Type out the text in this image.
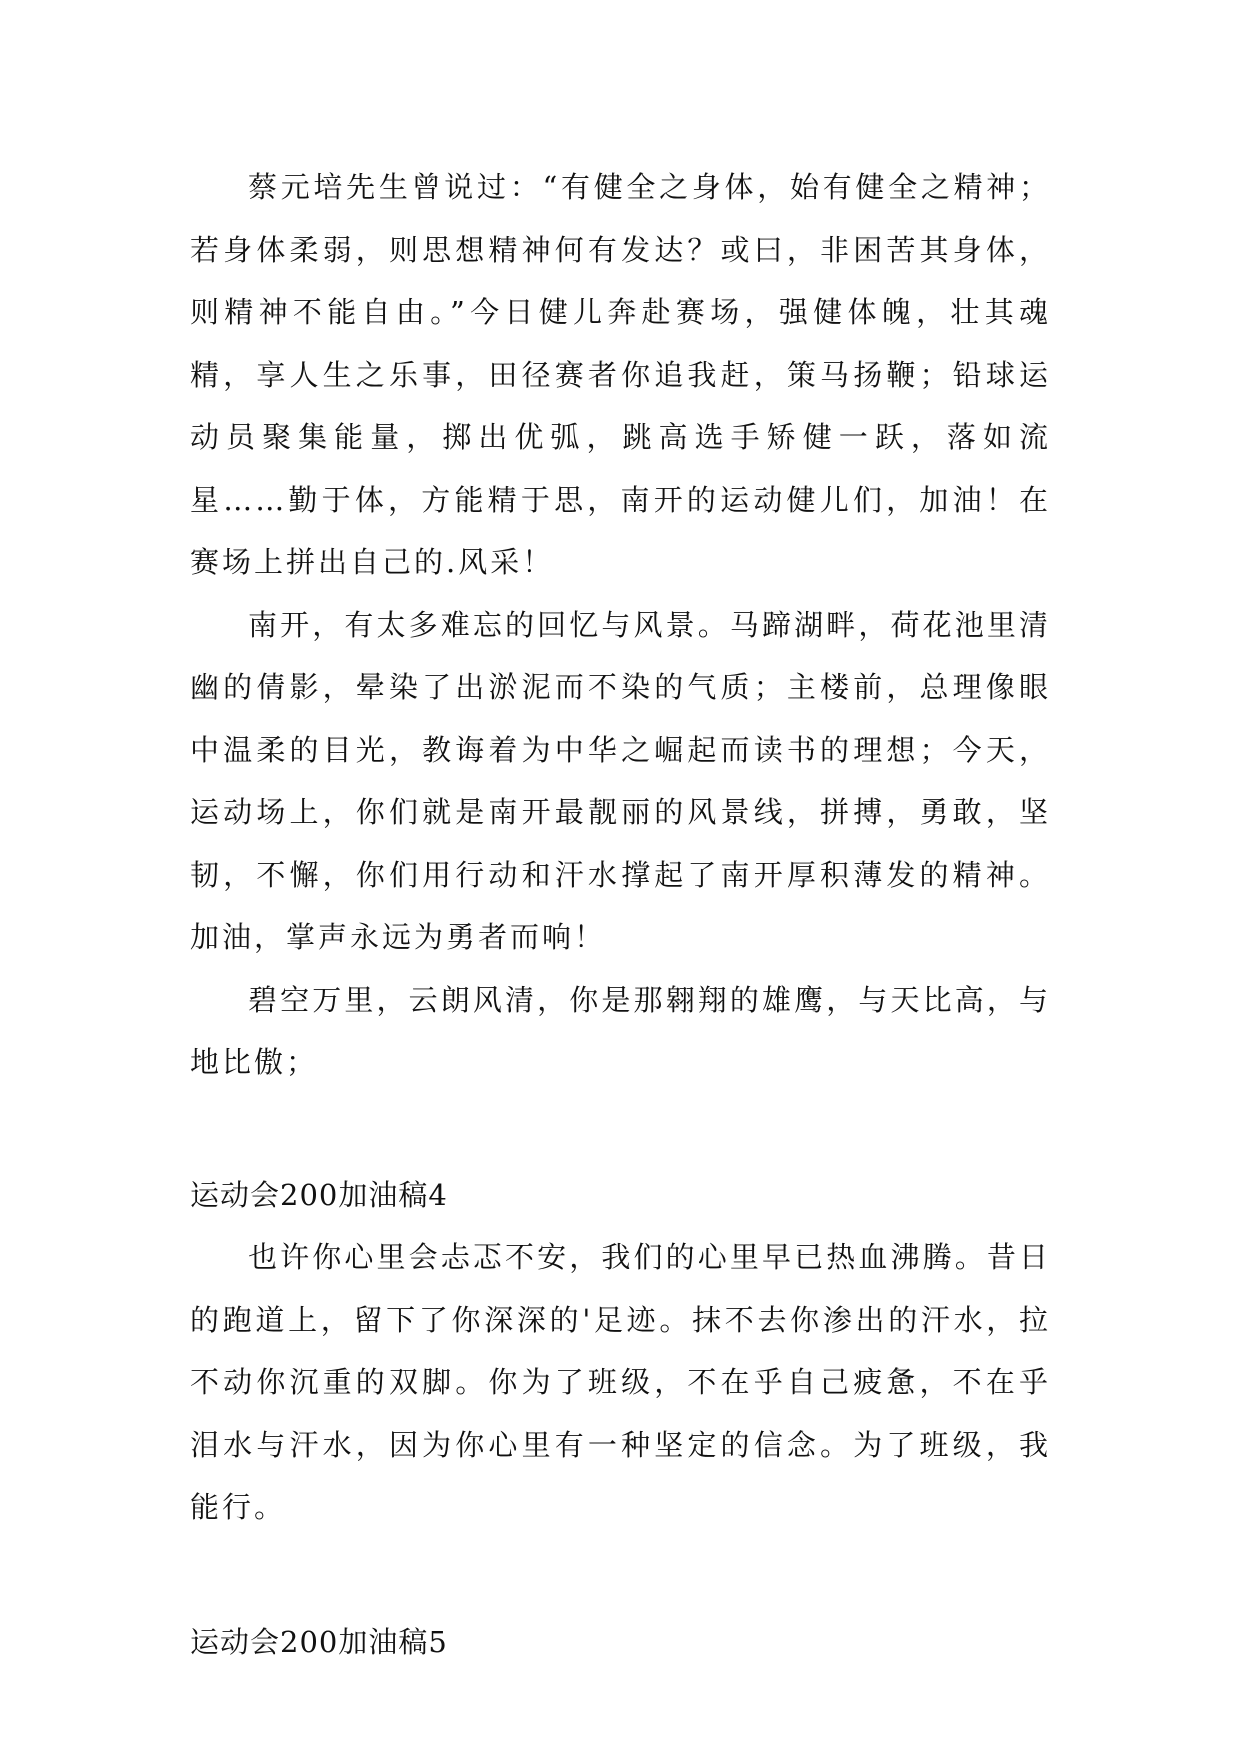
蔡元培先生曾说过：“有健全之身体，始有健全之精神；若身体柔弱，则思想精神何有发达？或曰，非困苦其身体，则精神不能自由。”今日健儿奔赴赛场，强健体魄，壮其魂精，享人生之乐事，田径赛者你追我赶，策马扬鞭；铅球运动员聚集能量，掷出优弧，跳高选手矫健一跃，落如流星……勤于体，方能精于思，南开的运动健儿们，加油！在赛场上拼出自己的.风采！

南开，有太多难忘的回忆与风景。马蹄湖畔，荷花池里清幽的倩影，晕染了出淤泥而不染的气质；主楼前，总理像眼中温柔的目光，教诲着为中华之崛起而读书的理想；今天，运动场上，你们就是南开最靓丽的风景线，拼搏，勇敢，坚韧，不懈，你们用行动和汗水撑起了南开厚积薄发的精神。加油，掌声永远为勇者而响！

碧空万里，云朗风清，你是那翱翔的雄鹰，与天比高，与地比傲；

运动会200加油稿4

也许你心里会忐忑不安，我们的心里早已热血沸腾。昔日的跑道上，留下了你深深的'足迹。抹不去你渗出的汗水，拉不动你沉重的双脚。你为了班级，不在乎自己疲惫，不在乎泪水与汗水，因为你心里有一种坚定的信念。为了班级，我能行。

运动会200加油稿5
